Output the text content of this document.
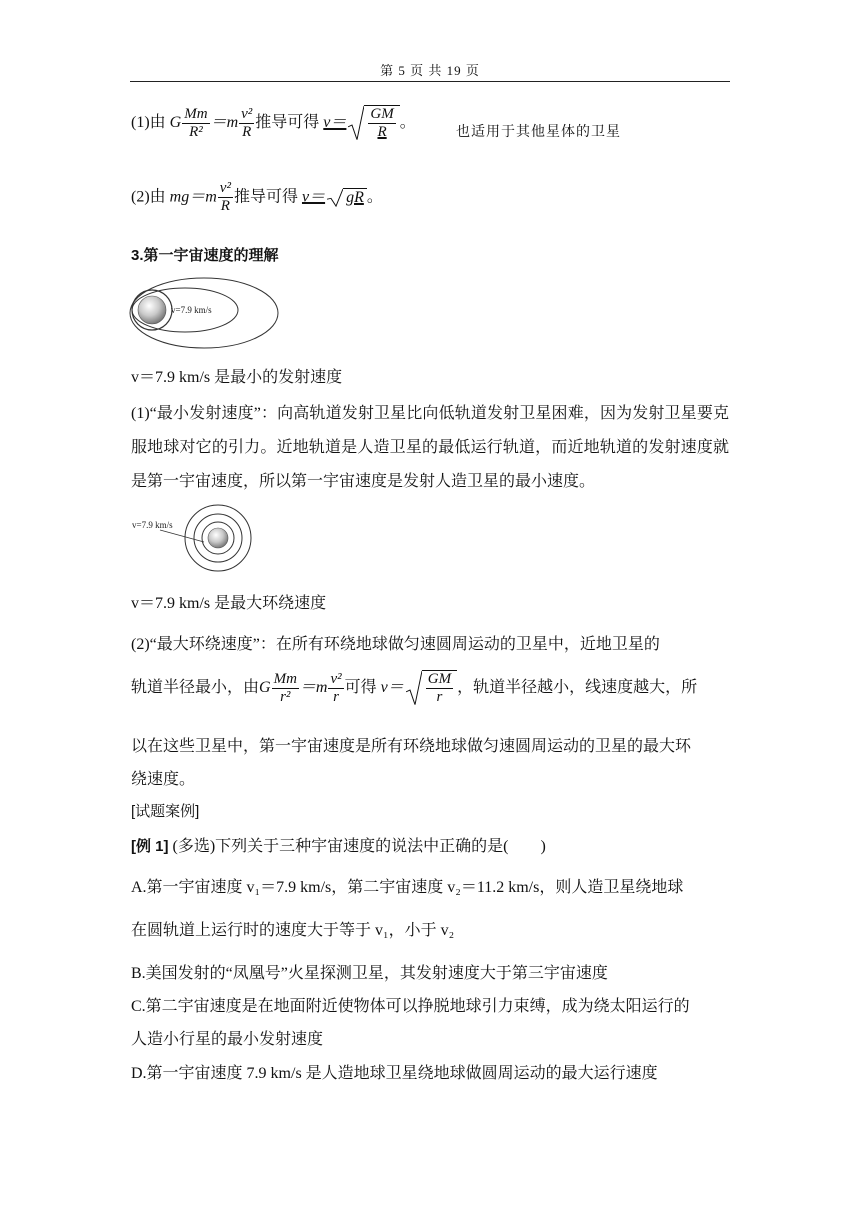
第 5 页 共 19 页
(1)由 G $\frac{Mm}{\text{R²}} =m \frac{\text{v²}}{R}$ 推导可得 $v= \frac{GM}{R}$ 。
也适用于其他星体的卫星
(2)由 $mg=m \frac{\text{v²}}{R}$ 推导可得 v＝ gR 。
3.第一宇宙速度的理解
v=7.9 km/s
v＝7.9 km/s 是最小的发射速度
(1)“最小发射速度”：向高轨道发射卫星比向低轨道发射卫星困难，因为发射卫星要克服地球对它的引力。近地轨道是人造卫星的最低运行轨道，而近地轨道的发射速度就是第一宇宙速度，所以第一宇宙速度是发射人造卫星的最小速度。
v=7.9 km/s
v＝7.9 km/s 是最大环绕速度
(2)“最大环绕速度”：在所有环绕地球做匀速圆周运动的卫星中，近地卫星的
轨道半径最小，由G $\frac{Mm}{\text{r²}} =m \frac{\text{v²}}{r}$ 可得 $v= \frac{GM}{r}$ ，轨道半径越小，线速度越大，所
以在这些卫星中，第一宇宙速度是所有环绕地球做匀速圆周运动的卫星的最大环
绕速度。
[试题案例]
[例 1] (多选)下列关于三种宇宙速度的说法中正确的是(　　)
A.第一宇宙速度 v₁＝7.9 km/s，第二宇宙速度 v₂＝11.2 km/s，则人造卫星绕地球
在圆轨道上运行时的速度大于等于 v₁，小于 v₂
B.美国发射的“凤凰号”火星探测卫星，其发射速度大于第三宇宙速度
C.第二宇宙速度是在地面附近使物体可以挣脱地球引力束缚，成为绕太阳运行的
人造小行星的最小发射速度
D.第一宇宙速度 7.9 km/s 是人造地球卫星绕地球做圆周运动的最大运行速度
